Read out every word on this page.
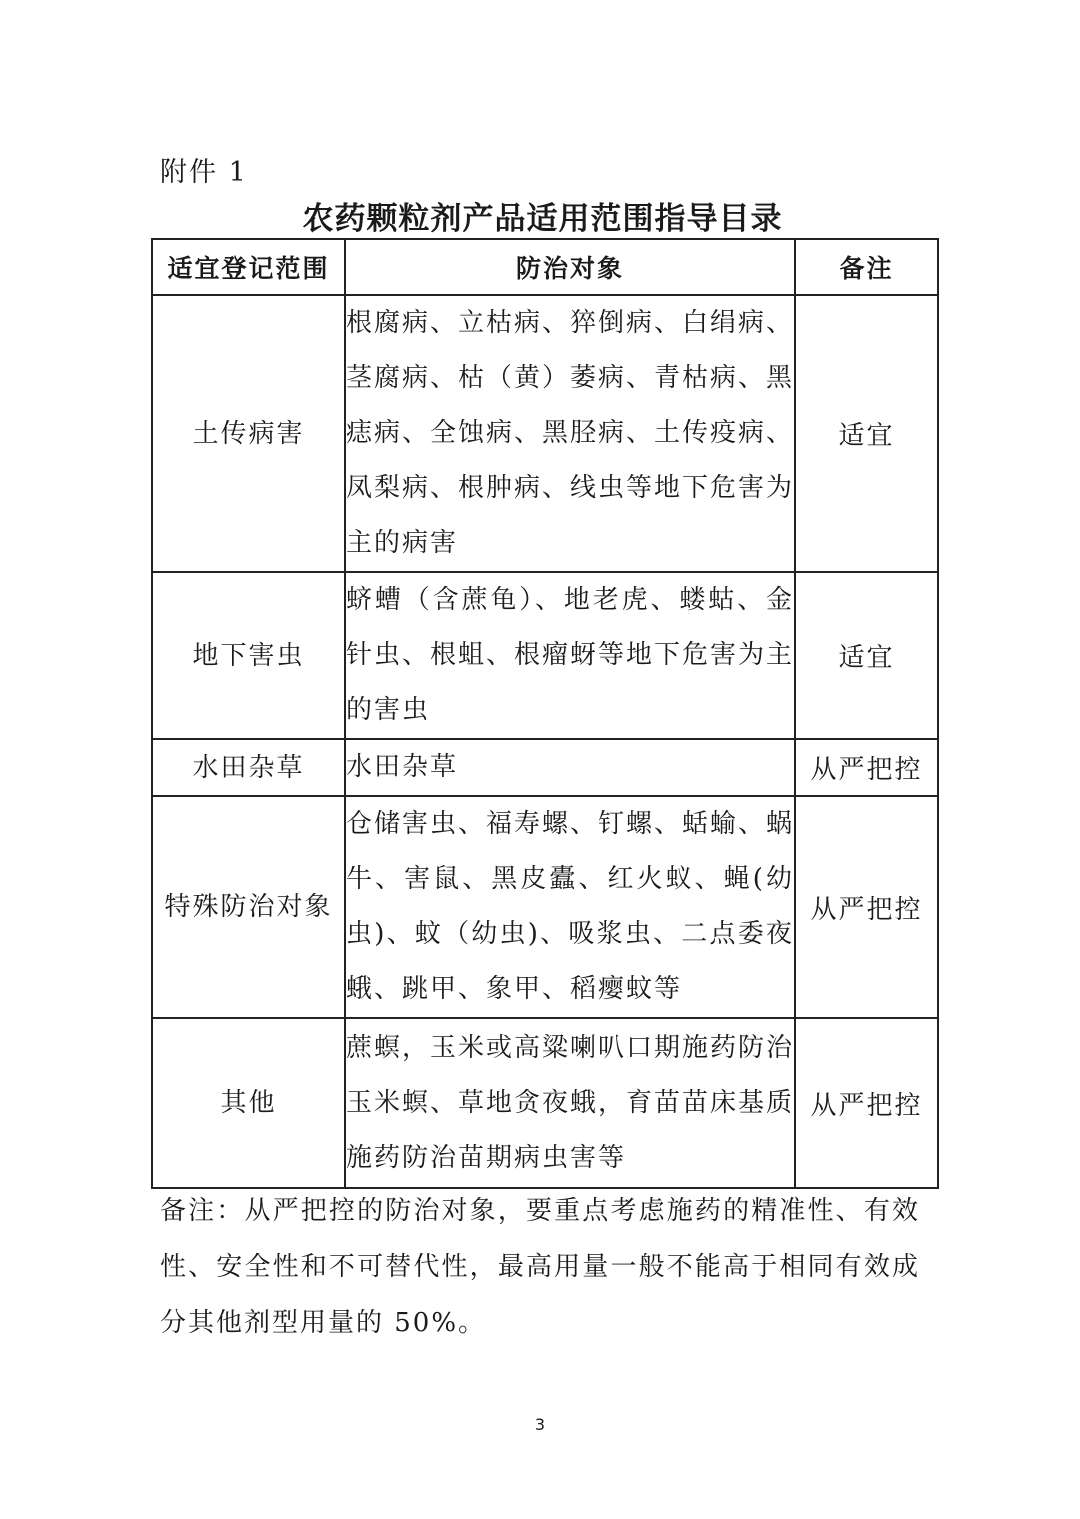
附件 1
农药颗粒剂产品适用范围指导目录
适宜登记范围	防治对象	备注
土传病害	根腐病、立枯病、猝倒病、白绢病、茎腐病、枯（黄）萎病、青枯病、黑痣病、全蚀病、黑胫病、土传疫病、凤梨病、根肿病、线虫等地下危害为主的病害	适宜
地下害虫	蛴螬（含蔗龟）、地老虎、蝼蛄、金针虫、根蛆、根瘤蚜等地下危害为主的害虫	适宜
水田杂草	水田杂草	从严把控
特殊防治对象	仓储害虫、福寿螺、钉螺、蛞蝓、蜗牛、害鼠、黑皮蠹、红火蚁、蝇(幼虫)、蚊（幼虫)、吸浆虫、二点委夜蛾、跳甲、象甲、稻瘿蚊等	从严把控
其他	蔗螟，玉米或高粱喇叭口期施药防治玉米螟、草地贪夜蛾，育苗苗床基质施药防治苗期病虫害等	从严把控
备注：从严把控的防治对象，要重点考虑施药的精准性、有效性、安全性和不可替代性，最高用量一般不能高于相同有效成分其他剂型用量的 50%。
3
